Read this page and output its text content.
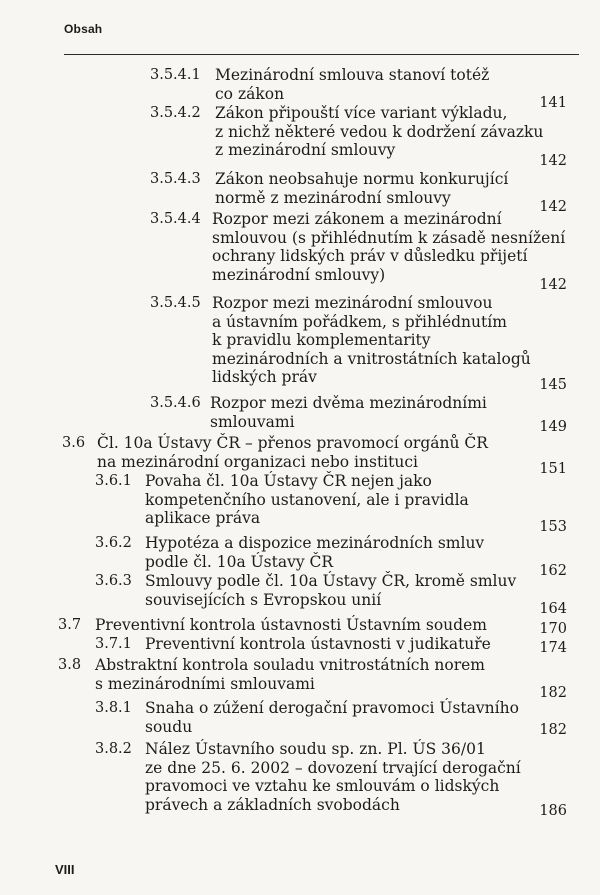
Obsah
3.5.4.1 Mezinárodní smlouva stanoví totéž
co zákon
141
3.5.4.2 Zákon připouští více variant výkladu,
z nichž některé vedou k dodržení závazku
z mezinárodní smlouvy
142
3.5.4.3 Zákon neobsahuje normu konkurující
normě z mezinárodní smlouvy
142
3.5.4.4 Rozpor mezi zákonem a mezinárodní
smlouvou (s přihlédnutím k zásadě nesnížení
ochrany lidských práv v důsledku přijetí
mezinárodní smlouvy)
142
3.5.4.5 Rozpor mezi mezinárodní smlouvou
a ústavním pořádkem, s přihlédnutím
k pravidlu komplementarity
mezinárodních a vnitrostátních katalogů
lidských práv	145
3.5.4.6 Rozpor mezi dvěma mezinárodními
smlouvami	149
3.6 Čl. 10a Ústavy ČR – přenos pravomocí orgánů ČR
na mezinárodní organizaci nebo instituci	151
3.6.1 Povaha čl. 10a Ústavy ČR nejen jako
kompetenčního ustanovení, ale i pravidla
aplikace práva	153
3.6.2 Hypotéza a dispozice mezinárodních smluv
podle čl. 10a Ústavy ČR
162
3.6.3 Smlouvy podle čl. 10a Ústavy ČR, kromě smluv
souvisejících s Evropskou unií
164
3.7 Preventivní kontrola ústavnosti Ústavním soudem	170
3.7.1 Preventivní kontrola ústavnosti v judikatuře	174
3.8 Abstraktní kontrola souladu vnitrostátních norem
s mezinárodními smlouvami
182
3.8.1 Snaha o zúžení derogační pravomoci Ústavního
soudu	182
3.8.2 Nález Ústavního soudu sp. zn. Pl. ÚS 36/01
ze dne 25. 6. 2002 – dovození trvající derogační
pravomoci ve vztahu ke smlouvám o lidských
právech a základních svobodách	186
VIII
